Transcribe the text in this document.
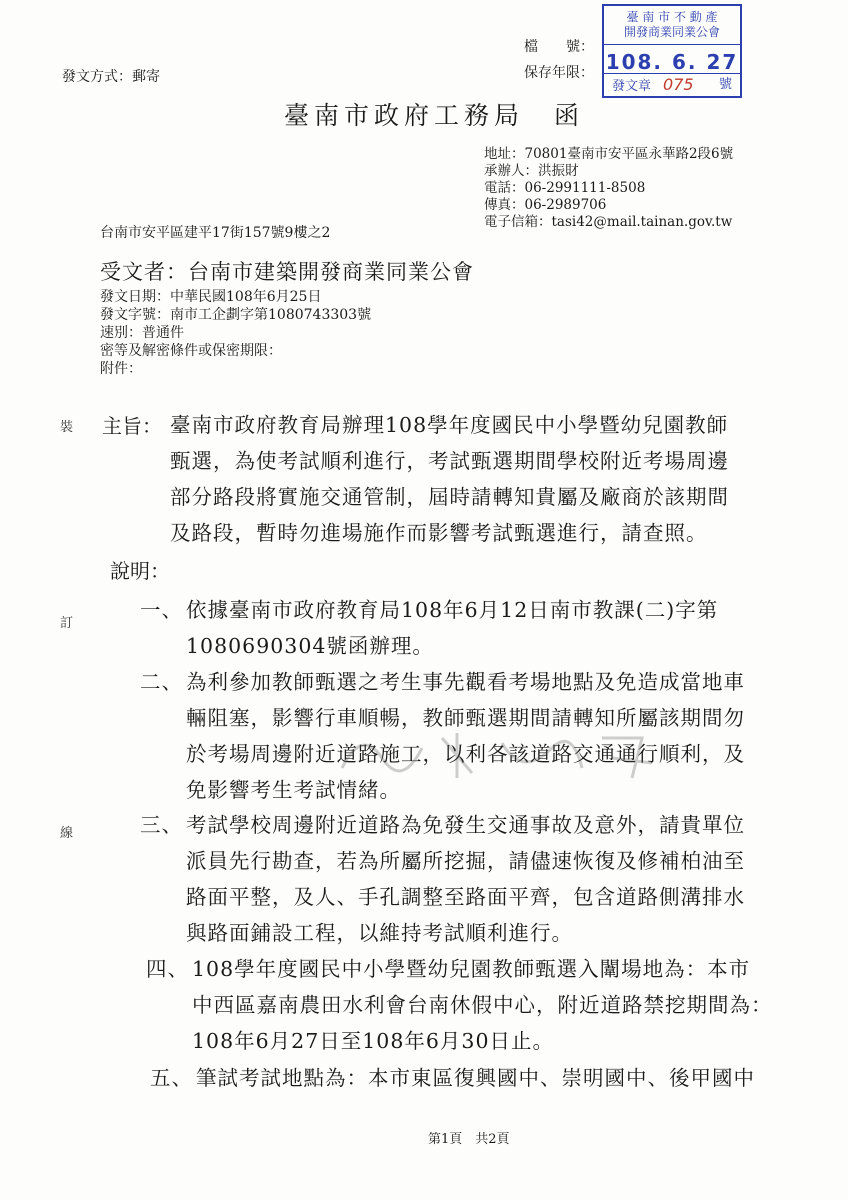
發文方式：郵寄
檔　　號：
保存年限：
臺 南 市 不 動 產
開發商業同業公會
108. 6. 27
發文章 075 號
臺南市政府工務局　函
地址：70801臺南市安平區永華路2段6號
承辦人：洪振財
電話：06-2991111-8508
傳真：06-2989706
電子信箱：tasi42@mail.tainan.gov.tw
台南市安平區建平17街157號9樓之2
受文者：台南市建築開發商業同業公會
發文日期：中華民國108年6月25日
發文字號：南市工企劃字第1080743303號
速別：普通件
密等及解密條件或保密期限：
附件：
裝
訂
線
主旨： 臺南市政府教育局辦理108學年度國民中小學暨幼兒園教師
甄選，為使考試順利進行，考試甄選期間學校附近考場周邊
部分路段將實施交通管制，屆時請轉知貴屬及廠商於該期間
及路段，暫時勿進場施作而影響考試甄選進行，請查照。
說明：
一、 依據臺南市政府教育局108年6月12日南市教課(二)字第
1080690304號函辦理。
二、 為利參加教師甄選之考生事先觀看考場地點及免造成當地車
輛阻塞，影響行車順暢，教師甄選期間請轉知所屬該期間勿
於考場周邊附近道路施工，以利各該道路交通通行順利，及
免影響考生考試情緒。
三、 考試學校周邊附近道路為免發生交通事故及意外，請貴單位
派員先行勘查，若為所屬所挖掘，請儘速恢復及修補柏油至
路面平整，及人、手孔調整至路面平齊，包含道路側溝排水
與路面鋪設工程，以維持考試順利進行。
四、 108學年度國民中小學暨幼兒園教師甄選入闈場地為：本市
中西區嘉南農田水利會台南休假中心，附近道路禁挖期間為：
108年6月27日至108年6月30日止。
五、 筆試考試地點為：本市東區復興國中、崇明國中、後甲國中
第1頁　共2頁
